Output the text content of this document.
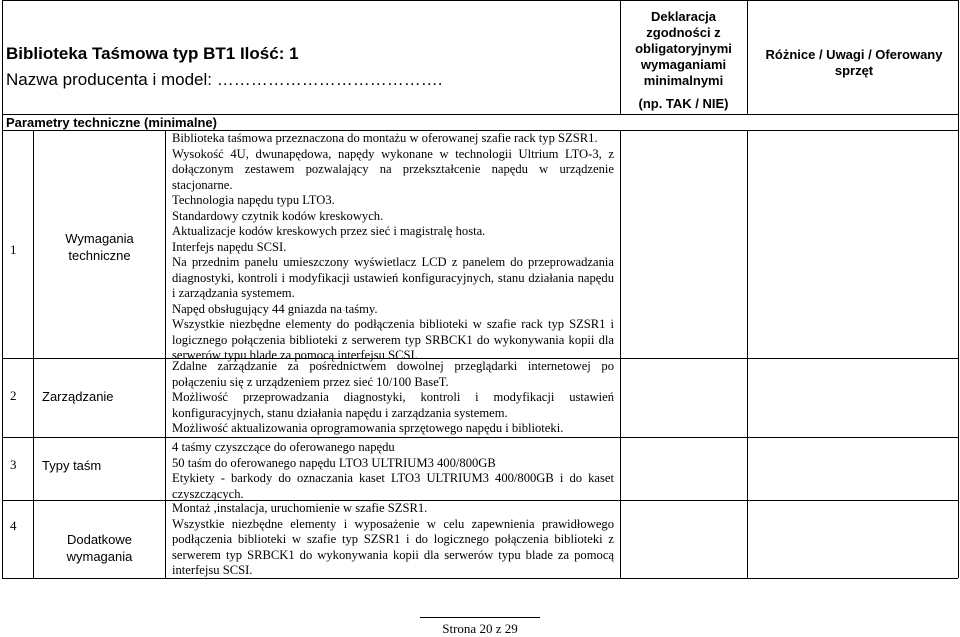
Biblioteka Taśmowa typ BT1 Ilość: 1
Nazwa producenta i model: ………………………………….
Deklaracja
zgodności z
obligatoryjnymi
wymaganiami
minimalnymi
(np. TAK / NIE)
Różnice / Uwagi / Oferowany sprzęt
Parametry techniczne (minimalne)
1
Wymagania techniczne
Biblioteka taśmowa przeznaczona do montażu w oferowanej szafie rack typ SZSR1.
Wysokość 4U, dwunapędowa, napędy wykonane w technologii Ultrium LTO-3, z dołączonym zestawem pozwalający na przekształcenie napędu w urządzenie stacjonarne.
Technologia napędu typu LTO3.
Standardowy czytnik kodów kreskowych.
Aktualizacje kodów kreskowych przez sieć i magistralę hosta.
Interfejs napędu SCSI.
Na przednim panelu umieszczony wyświetlacz LCD z panelem do przeprowadzania diagnostyki, kontroli i modyfikacji ustawień konfiguracyjnych, stanu działania napędu i zarządzania systemem.
Napęd obsługujący 44 gniazda na taśmy.
Wszystkie niezbędne elementy do podłączenia biblioteki w szafie rack typ SZSR1 i logicznego połączenia biblioteki z serwerem typ SRBCK1 do wykonywania kopii dla serwerów typu blade za pomocą interfejsu SCSI.
2 Zarządzanie
Zdalne zarządzanie za pośrednictwem dowolnej przeglądarki internetowej po połączeniu się z urządzeniem przez sieć 10/100 BaseT.
Możliwość przeprowadzania diagnostyki, kontroli i modyfikacji ustawień konfiguracyjnych, stanu działania napędu i zarządzania systemem.
Możliwość aktualizowania oprogramowania sprzętowego napędu i biblioteki.
3 Typy taśm
4 taśmy czyszczące do oferowanego napędu
50 taśm do oferowanego napędu LTO3 ULTRIUM3 400/800GB
Etykiety - barkody do oznaczania kaset LTO3 ULTRIUM3 400/800GB i do kaset czyszczących.
4
Dodatkowe wymagania
Montaż ,instalacja, uruchomienie w szafie SZSR1.
Wszystkie niezbędne elementy i wyposażenie w celu zapewnienia prawidłowego podłączenia biblioteki w szafie typ SZSR1 i do logicznego połączenia biblioteki z serwerem typ SRBCK1 do wykonywania kopii dla serwerów typu blade za pomocą interfejsu SCSI.
Strona 20 z 29
